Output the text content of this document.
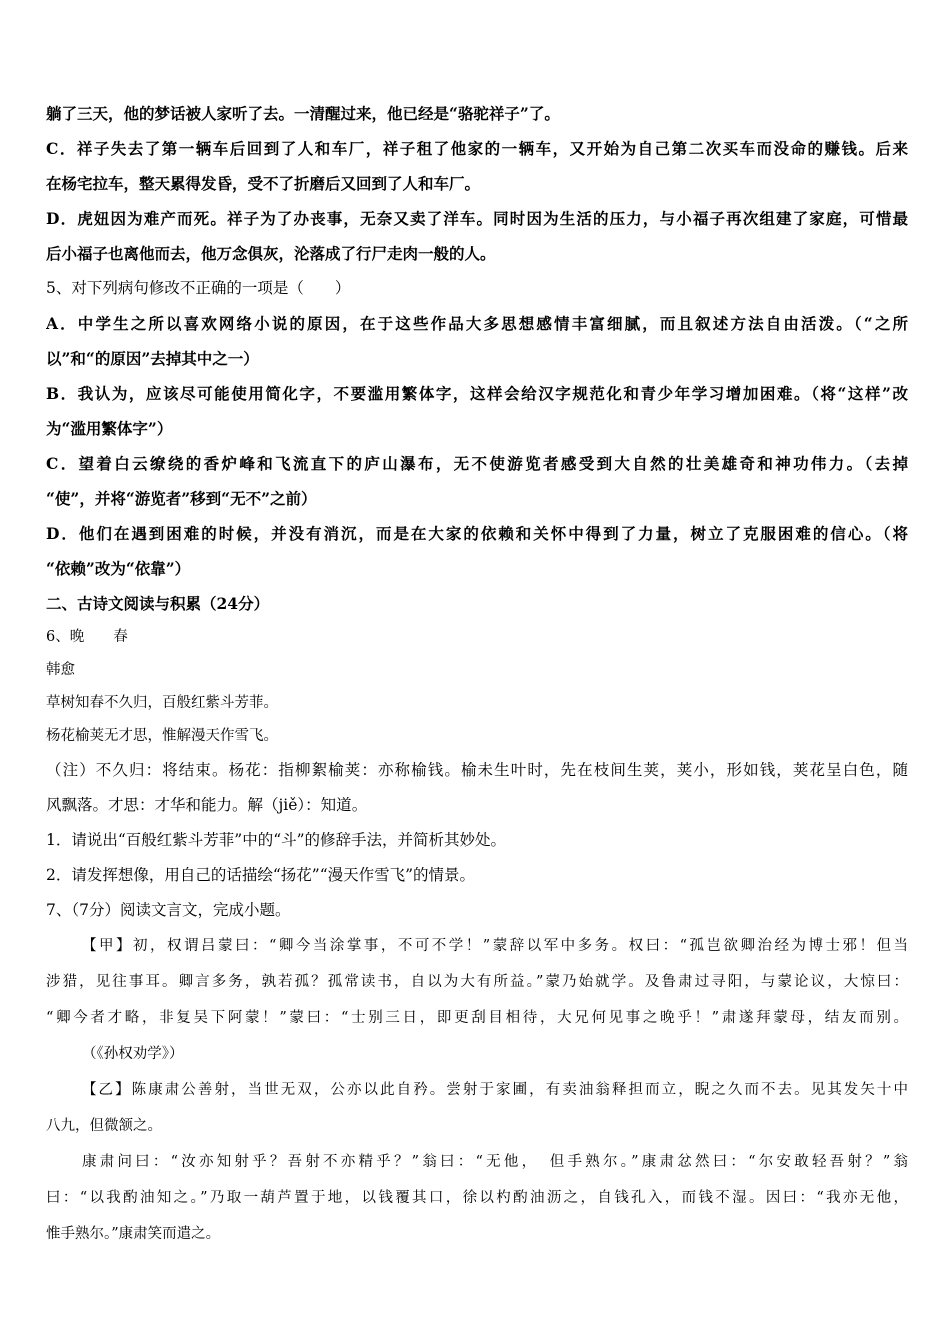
躺了三天，他的梦话被人家听了去。一清醒过来，他已经是“骆驼祥子”了。
C．祥子失去了第一辆车后回到了人和车厂，祥子租了他家的一辆车，又开始为自己第二次买车而没命的赚钱。后来
在杨宅拉车，整天累得发昏，受不了折磨后又回到了人和车厂。
D．虎妞因为难产而死。祥子为了办丧事，无奈又卖了洋车。同时因为生活的压力，与小福子再次组建了家庭，可惜最
后小福子也离他而去，他万念俱灰，沦落成了行尸走肉一般的人。
5、对下列病句修改不正确的一项是（　　）
A．中学生之所以喜欢网络小说的原因，在于这些作品大多思想感情丰富细腻，而且叙述方法自由活泼。（“之所
以”和“的原因”去掉其中之一）
B．我认为，应该尽可能使用简化字，不要滥用繁体字，这样会给汉字规范化和青少年学习增加困难。（将“这样”改
为“滥用繁体字”）
C．望着白云缭绕的香炉峰和飞流直下的庐山瀑布，无不使游览者感受到大自然的壮美雄奇和神功伟力。（去掉
“使”，并将“游览者”移到“无不”之前）
D．他们在遇到困难的时候，并没有消沉，而是在大家的依赖和关怀中得到了力量，树立了克服困难的信心。（将
“依赖”改为“依靠”）
二、古诗文阅读与积累（24分）
6、晚　　春
韩愈
草树知春不久归，百般红紫斗芳菲。
杨花榆荚无才思，惟解漫天作雪飞。
（注）不久归：将结束。杨花：指柳絮榆荚：亦称榆钱。榆未生叶时，先在枝间生荚，荚小，形如钱，荚花呈白色，随
风飘落。才思：才华和能力。解（jiě）：知道。
1．请说出“百般红紫斗芳菲”中的“斗”的修辞手法，并简析其妙处。
2．请发挥想像，用自己的话描绘“扬花”“漫天作雪飞”的情景。
7、（7分）阅读文言文，完成小题。
【甲】初，权谓吕蒙曰：“卿今当涂掌事，不可不学！”蒙辞以军中多务。权曰：“孤岂欲卿治经为博士邪！但当
涉猎，见往事耳。卿言多务，孰若孤？孤常读书，自以为大有所益。”蒙乃始就学。及鲁肃过寻阳，与蒙论议，大惊曰：
“卿今者才略，非复吴下阿蒙！”蒙曰：“士别三日，即更刮目相待，大兄何见事之晚乎！”肃遂拜蒙母，结友而别。
（《孙权劝学》）
【乙】陈康肃公善射，当世无双，公亦以此自矜。尝射于家圃，有卖油翁释担而立，睨之久而不去。见其发矢十中
八九，但微颔之。
康肃问曰：“汝亦知射乎？吾射不亦精乎？”翁曰：“无他，　但手熟尔。”康肃忿然曰：“尔安敢轻吾射？”翁
曰：“以我酌油知之。”乃取一葫芦置于地，以钱覆其口，徐以杓酌油沥之，自钱孔入，而钱不湿。因曰：“我亦无他，
惟手熟尔。”康肃笑而遣之。
